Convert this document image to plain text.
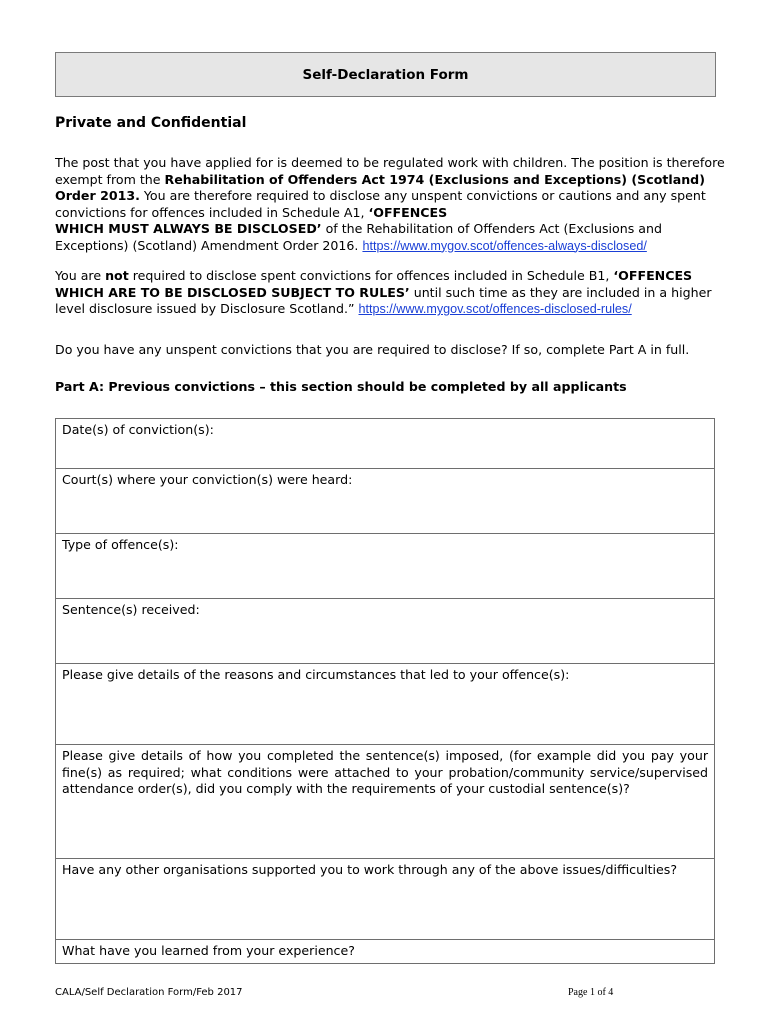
Self-Declaration Form
Private and Confidential
The post that you have applied for is deemed to be regulated work with children. The position is therefore exempt from the Rehabilitation of Offenders Act 1974 (Exclusions and Exceptions) (Scotland) Order 2013. You are therefore required to disclose any unspent convictions or cautions and any spent convictions for offences included in Schedule A1, ‘OFFENCES
WHICH MUST ALWAYS BE DISCLOSED’ of the Rehabilitation of Offenders Act (Exclusions and Exceptions) (Scotland) Amendment Order 2016. https://www.mygov.scot/offences-always-disclosed/
You are not required to disclose spent convictions for offences included in Schedule B1, ‘OFFENCES WHICH ARE TO BE DISCLOSED SUBJECT TO RULES’ until such time as they are included in a higher level disclosure issued by Disclosure Scotland.” https://www.mygov.scot/offences-disclosed-rules/
Do you have any unspent convictions that you are required to disclose? If so, complete Part A in full.
Part A: Previous convictions – this section should be completed by all applicants
Date(s) of conviction(s):
Court(s) where your conviction(s) were heard:
Type of offence(s):
Sentence(s) received:
Please give details of the reasons and circumstances that led to your offence(s):
Please give details of how you completed the sentence(s) imposed, (for example did you pay your fine(s) as required; what conditions were attached to your probation/community service/supervised attendance order(s), did you comply with the requirements of your custodial sentence(s)?
Have any other organisations supported you to work through any of the above issues/difficulties?
What have you learned from your experience?
CALA/Self Declaration Form/Feb 2017	Page 1 of 4
